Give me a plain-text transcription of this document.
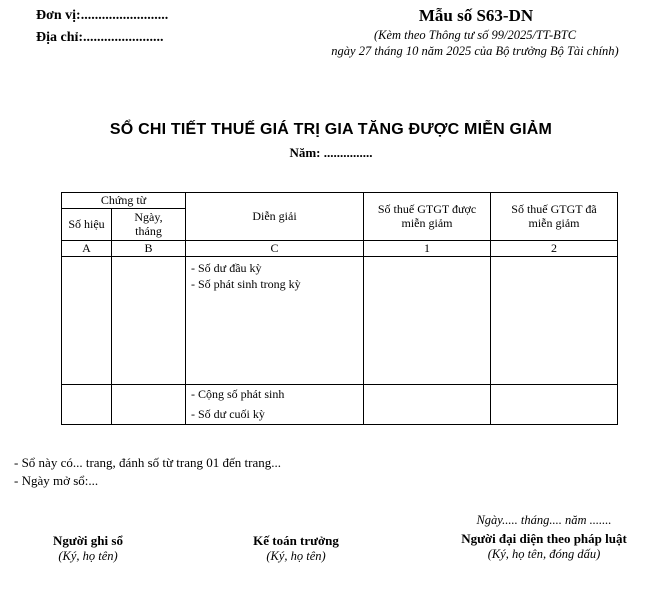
Đơn vị:.........................
Địa chỉ:.......................
Mẫu số S63-DN
(Kèm theo Thông tư số 99/2025/TT-BTC
ngày 27 tháng 10 năm 2025 của Bộ trưởng Bộ Tài chính)
SỔ CHI TIẾT THUẾ GIÁ TRỊ GIA TĂNG ĐƯỢC MIỄN GIẢM
Năm: ...............
Chứng từ		Diễn giải	Số thuế GTGT được miễn giảm	Số thuế GTGT đã miễn giảm
Số hiệu	Ngày, tháng			
A	B	C	1	2

		- Số dư đầu kỳ
- Số phát sinh trong kỳ		

		- Cộng số phát sinh		
		- Số dư cuối kỳ		
- Sổ này có... trang, đánh số từ trang 01 đến trang...
- Ngày mở sổ:...
Ngày..... tháng.... năm .......
Người ghi sổ
(Ký, họ tên)
Kế toán trưởng
(Ký, họ tên)
Người đại diện theo pháp luật
(Ký, họ tên, đóng dấu)
